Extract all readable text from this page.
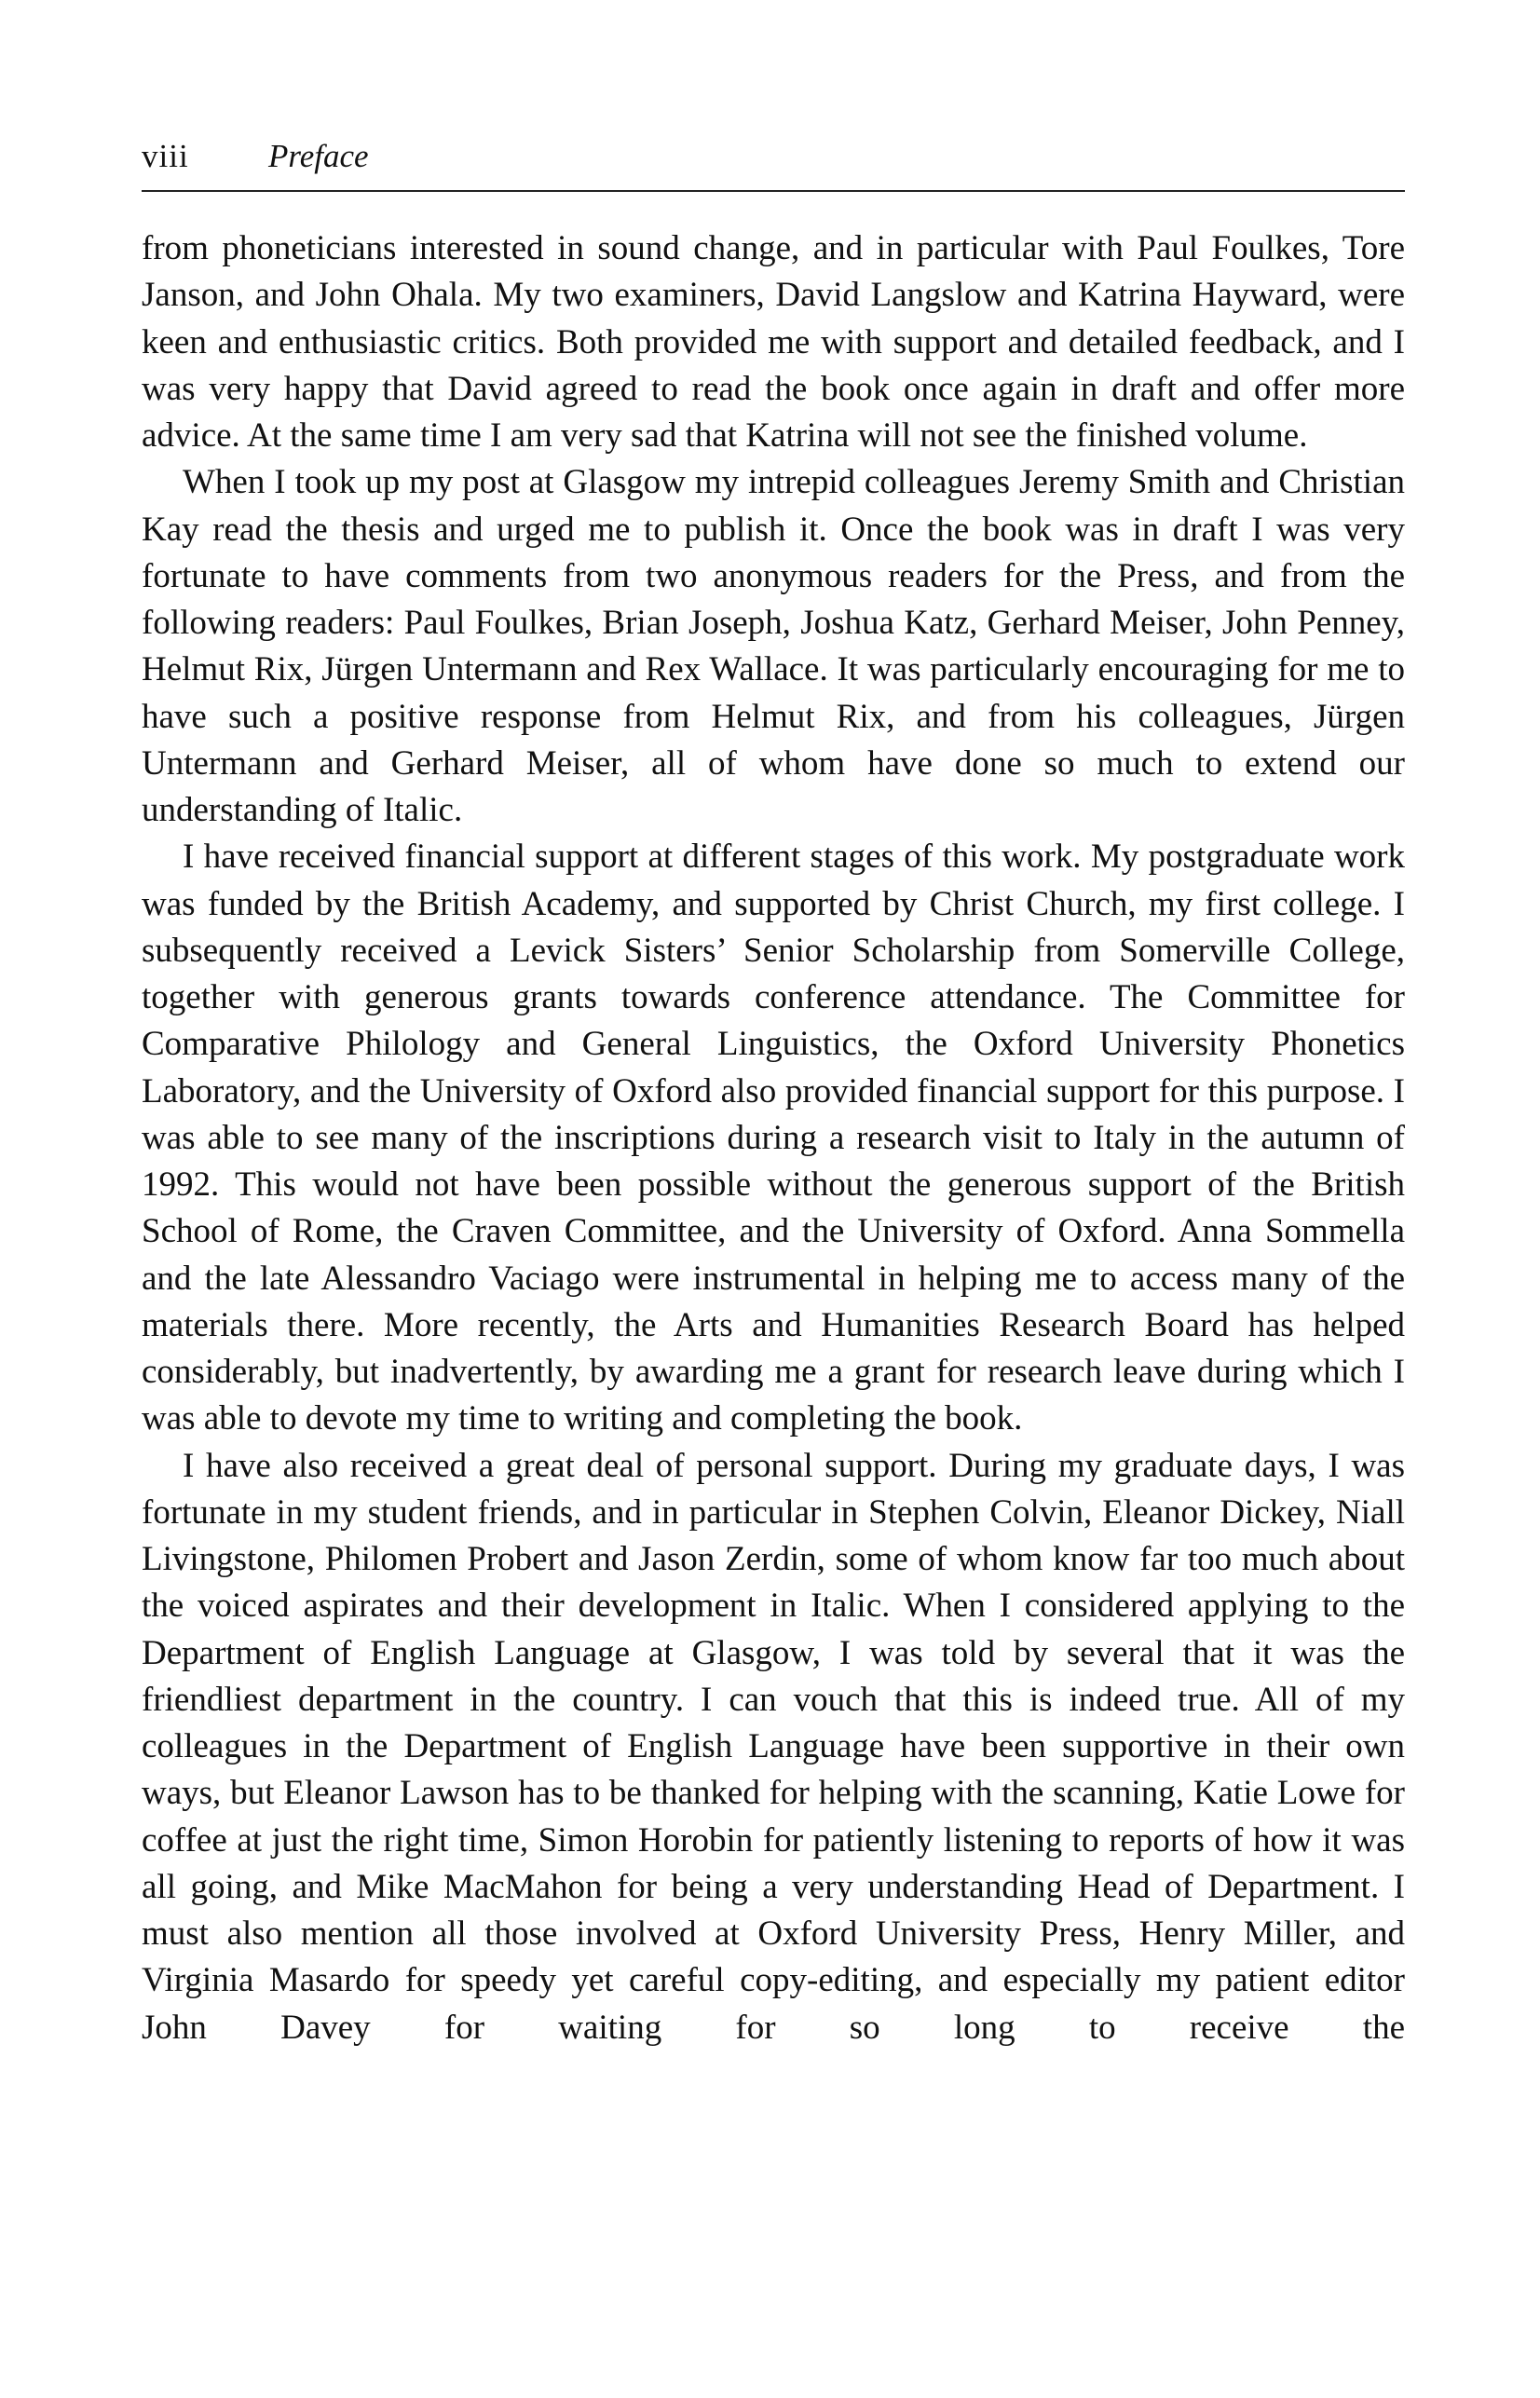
viii Preface

from phoneticians interested in sound change, and in particular with Paul Foulkes, Tore Janson, and John Ohala. My two examiners, David Langslow and Katrina Hayward, were keen and enthusiastic critics. Both provided me with support and detailed feedback, and I was very happy that David agreed to read the book once again in draft and offer more advice. At the same time I am very sad that Katrina will not see the finished volume.

When I took up my post at Glasgow my intrepid colleagues Jeremy Smith and Christian Kay read the thesis and urged me to publish it. Once the book was in draft I was very fortunate to have comments from two anonymous readers for the Press, and from the following readers: Paul Foulkes, Brian Joseph, Joshua Katz, Gerhard Meiser, John Penney, Helmut Rix, Jürgen Untermann and Rex Wallace. It was particularly encouraging for me to have such a positive response from Helmut Rix, and from his colleagues, Jürgen Untermann and Gerhard Meiser, all of whom have done so much to extend our understanding of Italic.

I have received financial support at different stages of this work. My postgraduate work was funded by the British Academy, and supported by Christ Church, my first college. I subsequently received a Levick Sisters’ Senior Scholarship from Somerville College, together with generous grants towards conference attendance. The Committee for Comparative Philology and General Linguistics, the Oxford University Phonetics Laboratory, and the University of Oxford also provided financial support for this purpose. I was able to see many of the inscriptions during a research visit to Italy in the autumn of 1992. This would not have been possible without the generous support of the British School of Rome, the Craven Committee, and the University of Oxford. Anna Sommella and the late Alessandro Vaciago were instrumental in helping me to access many of the materials there. More recently, the Arts and Humanities Research Board has helped considerably, but inadvertently, by awarding me a grant for research leave during which I was able to devote my time to writing and completing the book.

I have also received a great deal of personal support. During my graduate days, I was fortunate in my student friends, and in particular in Stephen Colvin, Eleanor Dickey, Niall Livingstone, Philomen Probert and Jason Zerdin, some of whom know far too much about the voiced aspirates and their development in Italic. When I considered applying to the Department of English Language at Glasgow, I was told by several that it was the friendliest department in the country. I can vouch that this is indeed true. All of my colleagues in the Department of English Language have been supportive in their own ways, but Eleanor Lawson has to be thanked for helping with the scanning, Katie Lowe for coffee at just the right time, Simon Horobin for patiently listening to reports of how it was all going, and Mike MacMahon for being a very understanding Head of Department. I must also mention all those involved at Oxford University Press, Henry Miller, and Virginia Masardo for speedy yet careful copy-editing, and especially my patient editor John Davey for waiting for so long to receive the
